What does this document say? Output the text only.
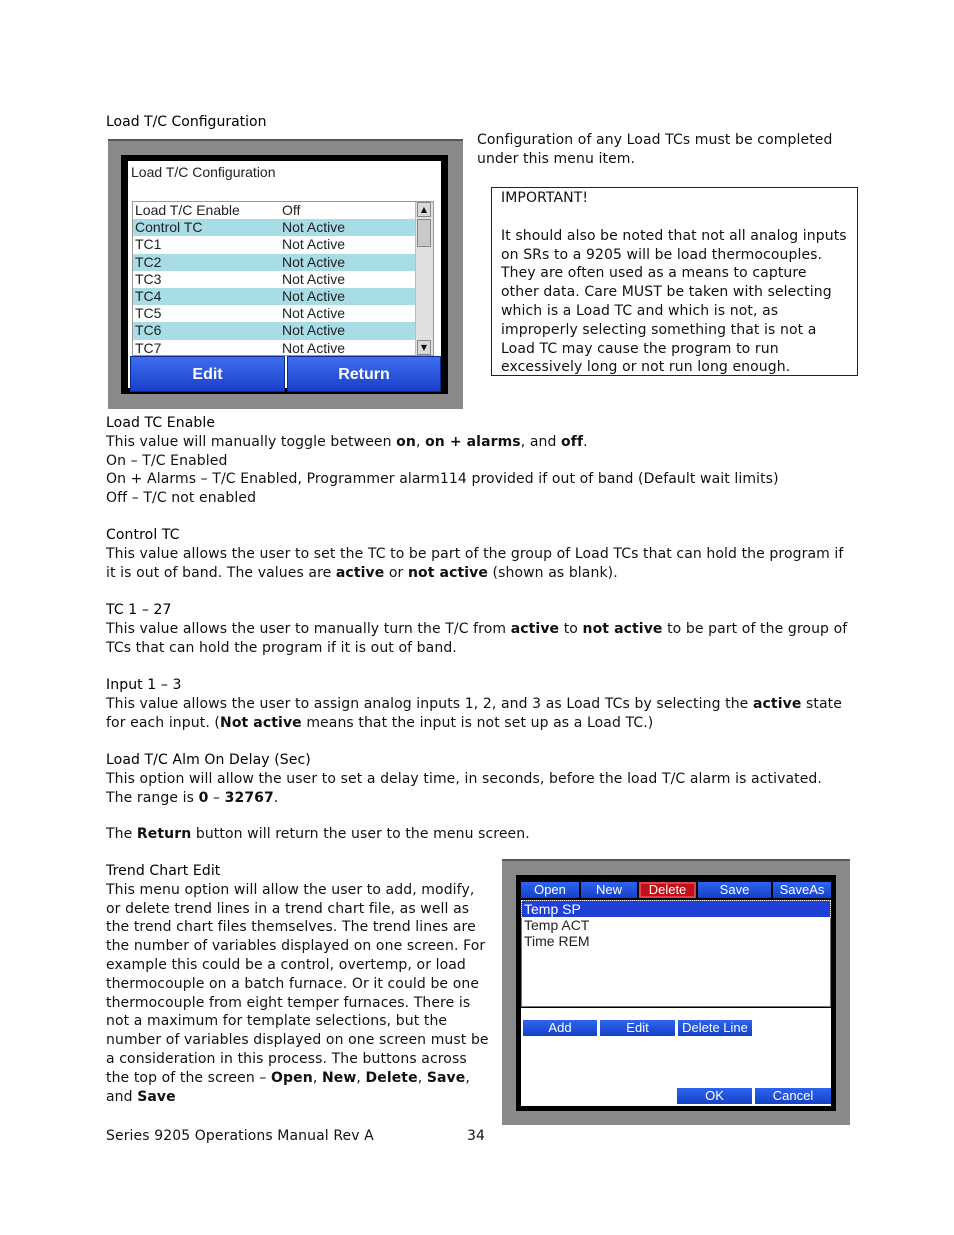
Load T/C Configuration
Load T/C Configuration
Load T/C Enable	Off
Control TC	Not Active
TC1	Not Active
TC2	Not Active
TC3	Not Active
TC4	Not Active
TC5	Not Active
TC6	Not Active
TC7	Not Active
▲
▼
Edit	Return
Configuration of any Load TCs must be completed under this menu item.
IMPORTANT!
It should also be noted that not all analog inputs on SRs to a 9205 will be load thermocouples. They are often used as a means to capture other data. Care MUST be taken with selecting which is a Load TC and which is not, as improperly selecting something that is not a Load TC may cause the program to run excessively long or not run long enough.
Load TC Enable
This value will manually toggle between on, on + alarms, and off.
On – T/C Enabled
On + Alarms – T/C Enabled, Programmer alarm114 provided if out of band (Default wait limits)
Off – T/C not enabled
Control TC
This value allows the user to set the TC to be part of the group of Load TCs that can hold the program if it is out of band. The values are active or not active (shown as blank).
TC 1 – 27
This value allows the user to manually turn the T/C from active to not active to be part of the group of TCs that can hold the program if it is out of band.
Input 1 – 3
This value allows the user to assign analog inputs 1, 2, and 3 as Load TCs by selecting the active state for each input. (Not active means that the input is not set up as a Load TC.)
Load T/C Alm On Delay (Sec)
This option will allow the user to set a delay time, in seconds, before the load T/C alarm is activated. The range is 0 – 32767.
The Return button will return the user to the menu screen.
Trend Chart Edit
This menu option will allow the user to add, modify, or delete trend lines in a trend chart file, as well as the trend chart files themselves. The trend lines are the number of variables displayed on one screen. For example this could be a control, overtemp, or load thermocouple on a batch furnace. Or it could be one thermocouple from eight temper furnaces. There is not a maximum for template selections, but the number of variables displayed on one screen must be a consideration in this process. The buttons across the top of the screen – Open, New, Delete, Save, and Save
Open	New	Delete	Save	SaveAs
Temp SP
Temp ACT
Time REM
Add	Edit	Delete Line
OK	Cancel
Series 9205 Operations Manual Rev A	34
